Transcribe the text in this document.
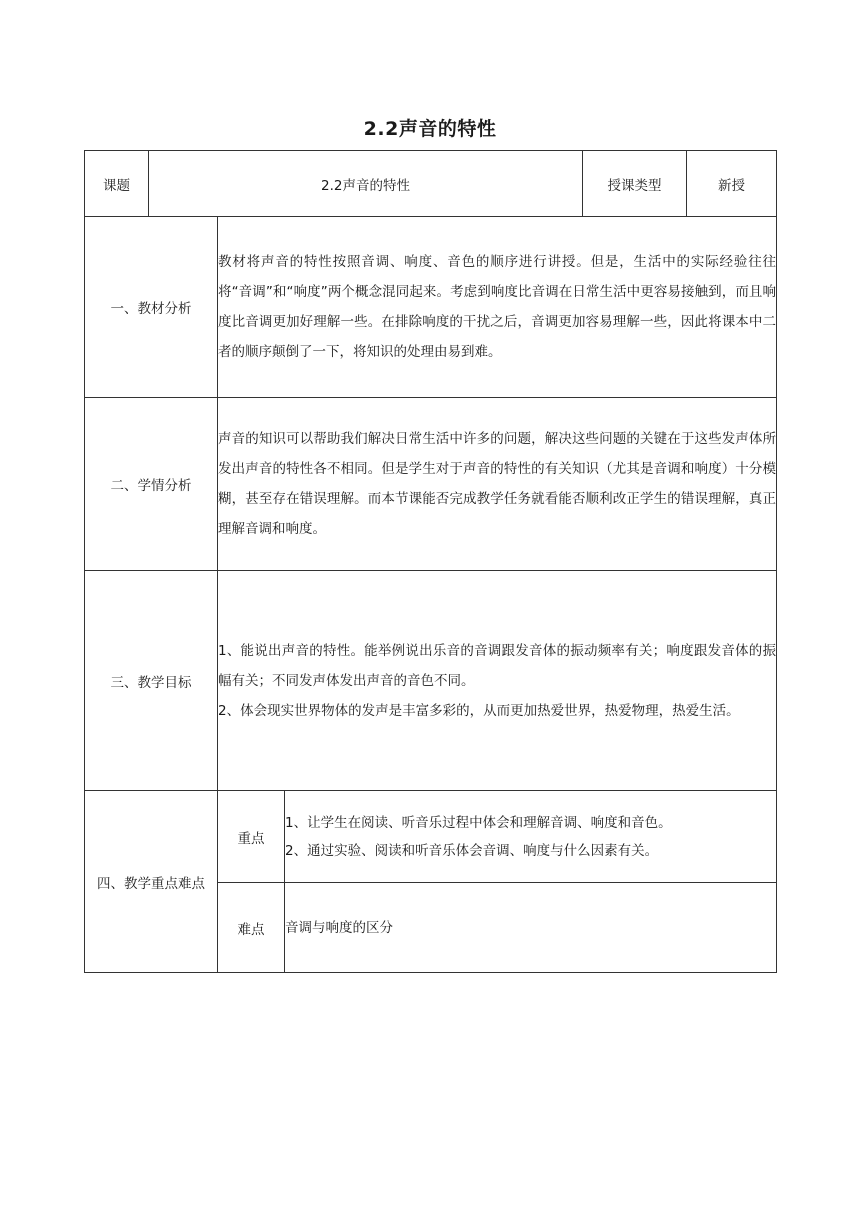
2.2声音的特性
课题	2.2声音的特性			授课类型	新授
一、教材分析		教材将声音的特性按照音调、响度、音色的顺序进行讲授。但是，生活中的实际经验往往将“音调”和“响度”两个概念混同起来。考虑到响度比音调在日常生活中更容易接触到，而且响度比音调更加好理解一些。在排除响度的干扰之后，音调更加容易理解一些，因此将课本中二者的顺序颠倒了一下，将知识的处理由易到难。			

二、学情分析		声音的知识可以帮助我们解决日常生活中许多的问题，解决这些问题的关键在于这些发声体所发出声音的特性各不相同。但是学生对于声音的特性的有关知识（尤其是音调和响度）十分模糊，甚至存在错误理解。而本节课能否完成教学任务就看能否顺利改正学生的错误理解，真正理解音调和响度。			

三、教学目标		1、能说出声音的特性。能举例说出乐音的音调跟发音体的振动频率有关；响度跟发音体的振幅有关；不同发声体发出声音的音色不同。

2、体会现实世界物体的发声是丰富多彩的，从而更加热爱世界，热爱物理，热爱生活。			

四、教学重点难点		重点	1、让学生在阅读、听音乐过程中体会和理解音调、响度和音色。

2、通过实验、阅读和听音乐体会音调、响度与什么因素有关。		

		难点	音调与响度的区分		
